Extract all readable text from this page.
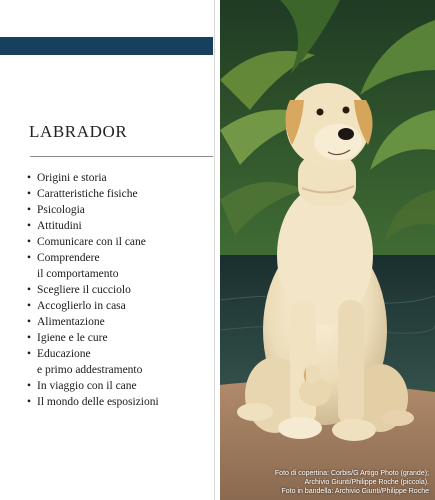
LABRADOR
• Origini e storia
• Caratteristiche fisiche
• Psicologia
• Attitudini
• Comunicare con il cane
• Comprendere
il comportamento
• Scegliere il cucciolo
• Accoglierlo in casa
• Alimentazione
• Igiene e le cure
• Educazione
e primo addestramento
• In viaggio con il cane
• Il mondo delle esposizioni
Foto di copertina: Corbis/G Artigo Photo (grande);
Archivio Giunti/Philippe Roche (piccola).
Foto in bandella: Archivio Giunti/Philippe Roche
